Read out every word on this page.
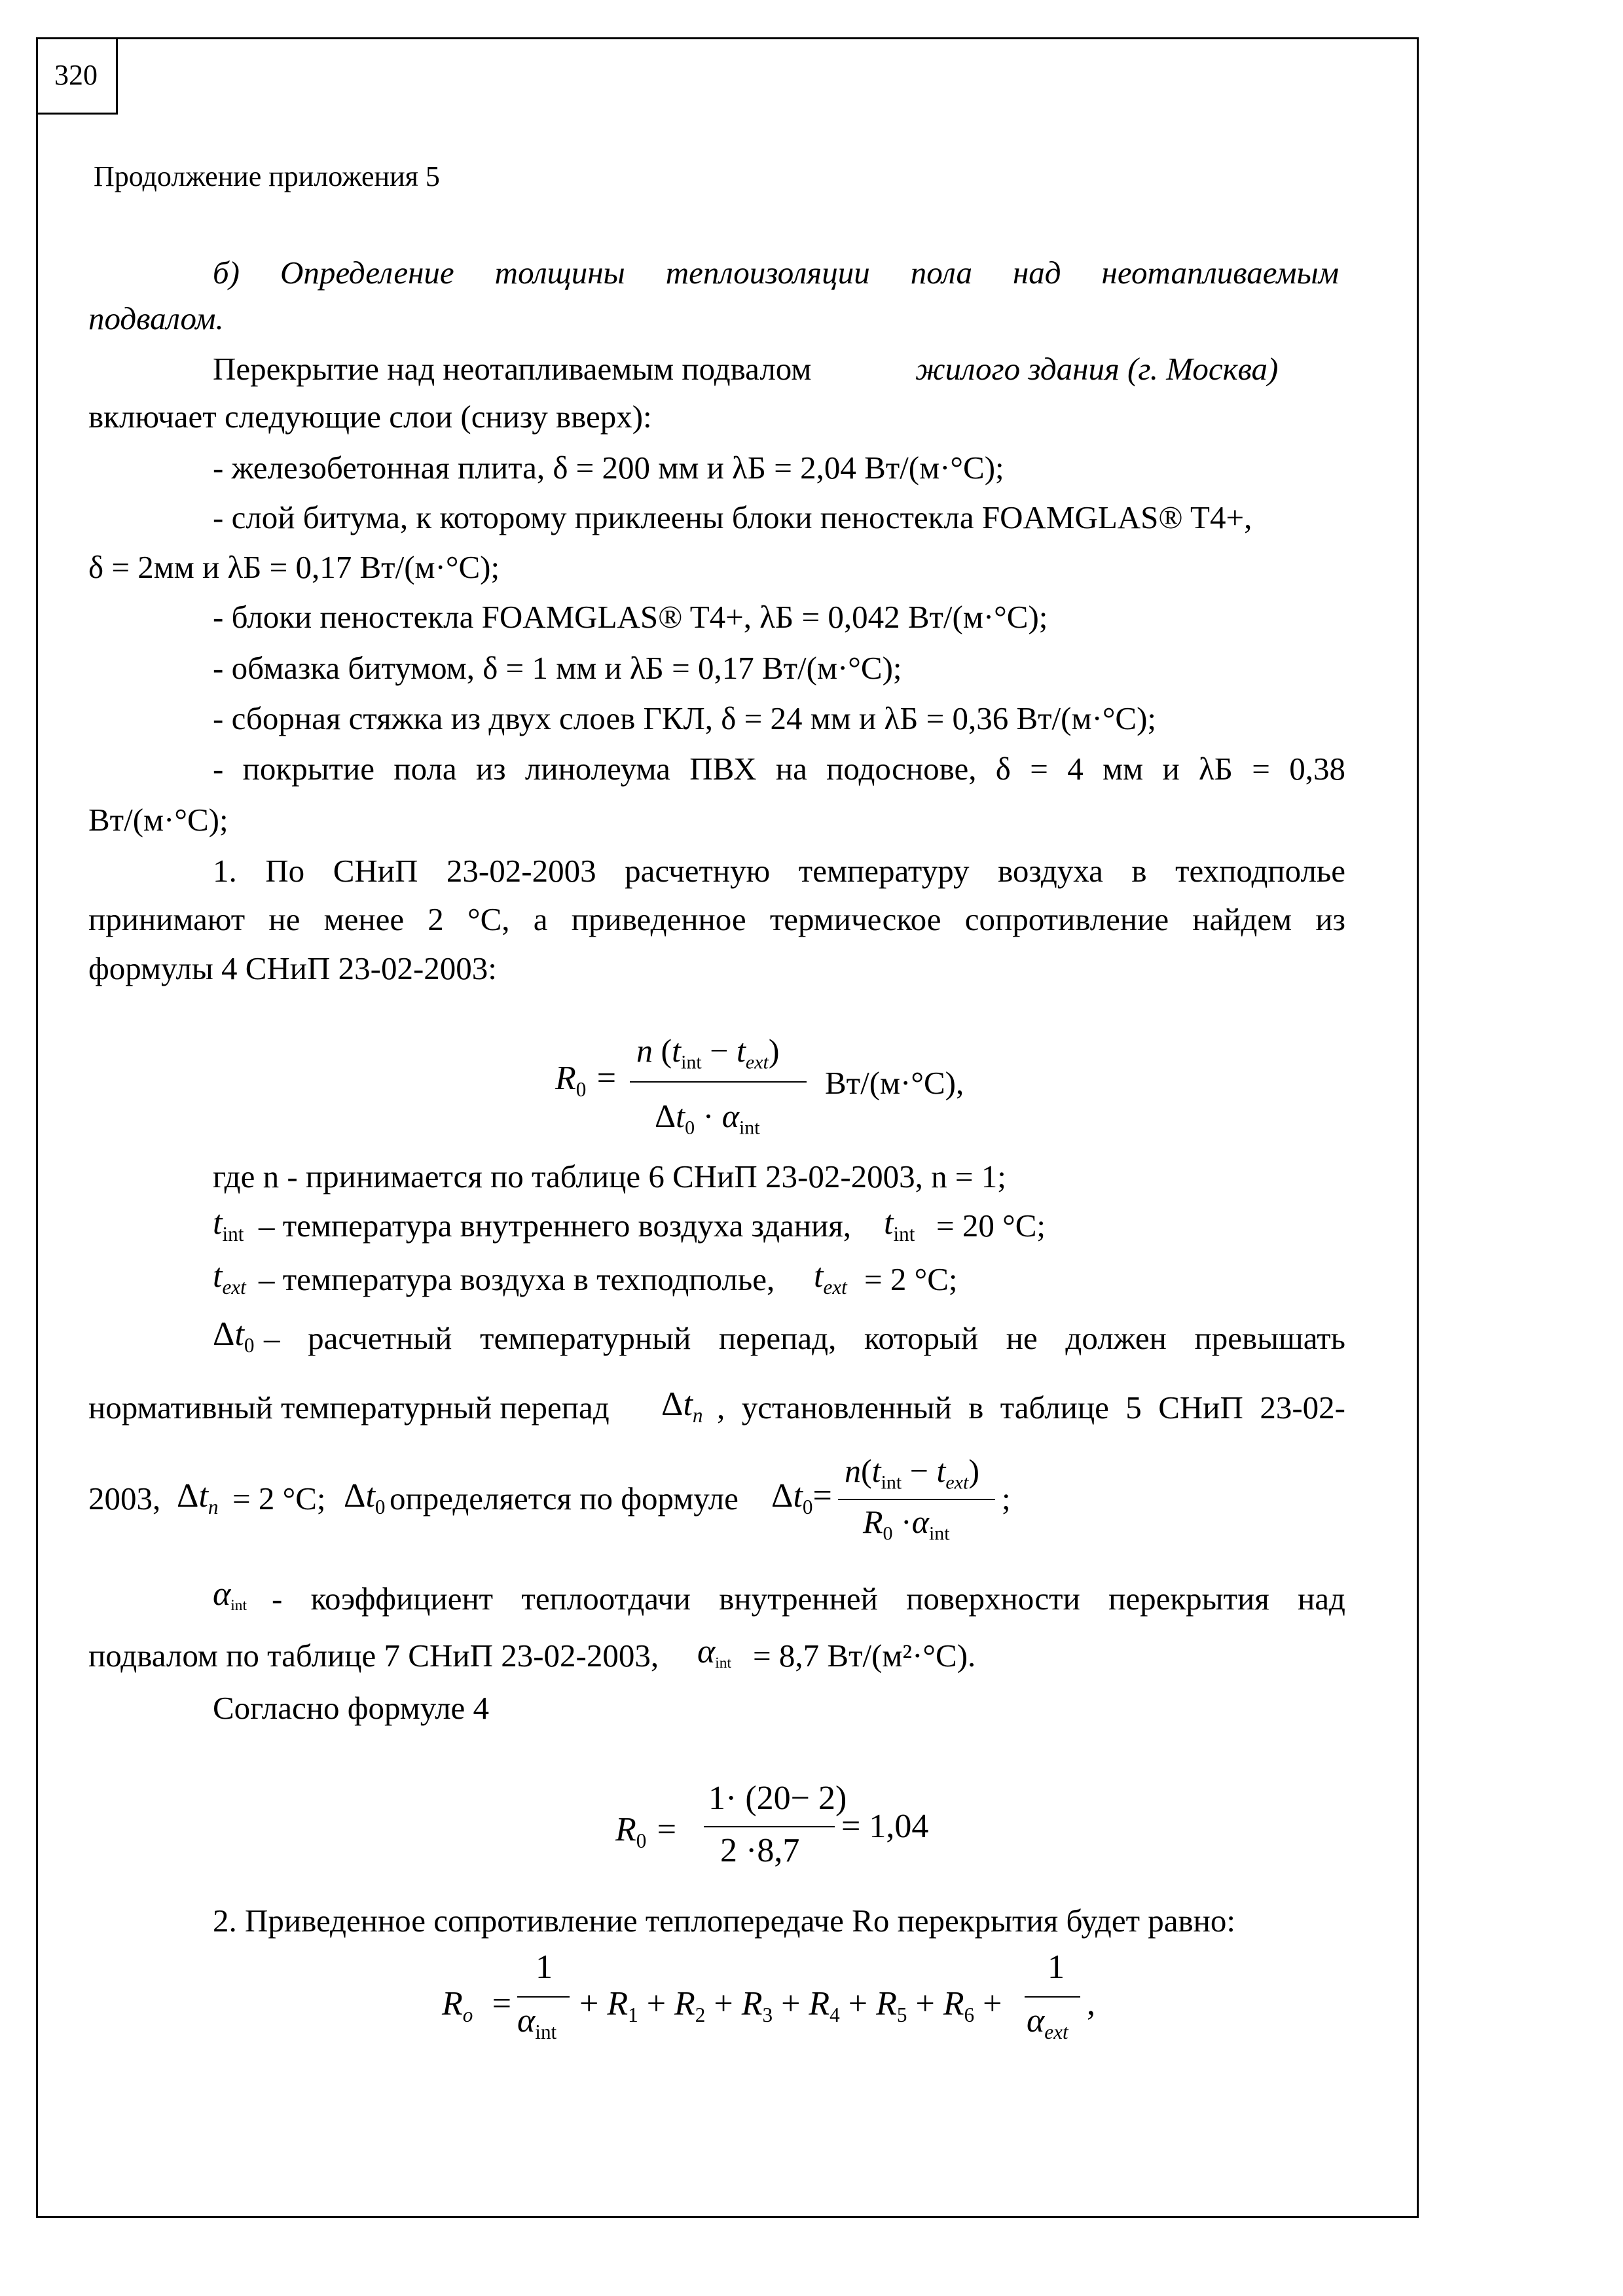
320
Продолжение приложения 5
б) Определение толщины теплоизоляции пола над неотапливаемым
подвалом.
Перекрытие над неотапливаемым подвалом	жилого здания (г. Москва)
включает следующие слои (снизу вверх):
- железобетонная плита, δ = 200 мм и λБ = 2,04 Вт/(м·°С);
- слой битума, к которому приклеены блоки пеностекла FOAMGLAS® T4+,
δ = 2мм и λБ = 0,17 Вт/(м·°С);
- блоки пеностекла FOAMGLAS® T4+, λБ = 0,042 Вт/(м·°С);
- обмазка битумом, δ = 1 мм и λБ = 0,17 Вт/(м·°С);
- сборная стяжка из двух слоев ГКЛ, δ = 24 мм и λБ = 0,36 Вт/(м·°С);
- покрытие пола из линолеума ПВХ на подоснове, δ = 4 мм и λБ = 0,38
Вт/(м·°С);
1. По СНиП 23-02-2003 расчетную температуру воздуха в техподполье
принимают не менее 2 °С, а приведенное термическое сопротивление найдем из
формулы 4 СНиП 23-02-2003:
$R_0$ =
n $(t_{int} - t_{ext})$
$\Delta t_0 \cdot \alpha_{int}$
Вт/(м·°С),
где n - принимается по таблице 6 СНиП 23-02-2003, n = 1;
$t_{int}$ – температура внутреннего воздуха здания, $t_{int} = 20$ °С;
$t_{ext}$ – температура воздуха в техподполье, $t_{ext} = 2$ °С;
$\Delta t_0$ – расчетный температурный перепад, который не должен превышать
нормативный температурный перепад $\Delta t_n$ , установленный в таблице 5 СНиП 23-02-
2003, $\Delta t_n = 2$ °С; $\Delta t_0$ определяется по формуле $\Delta t_0=$
$n(t_{int} - t_{ext})$
$R_0 \cdot\alpha_{int}$
;
$\alpha_{int}$ - коэффициент теплоотдачи внутренней поверхности перекрытия над
подвалом по таблице 7 СНиП 23-02-2003, $\alpha_{int} = 8,7$ Вт/(м²·°С).
Согласно формуле 4
$R_0$ =
1· (20− 2)
2 ·8,7
= 1,04
2. Приведенное сопротивление теплопередаче Rо перекрытия будет равно:
$R_o$  =
1
$\alpha_{int}$
+ $R_1 + R_2 + R_3 + R_4 + R_5 + R_6$ +
1
$\alpha_{ext}$
,
